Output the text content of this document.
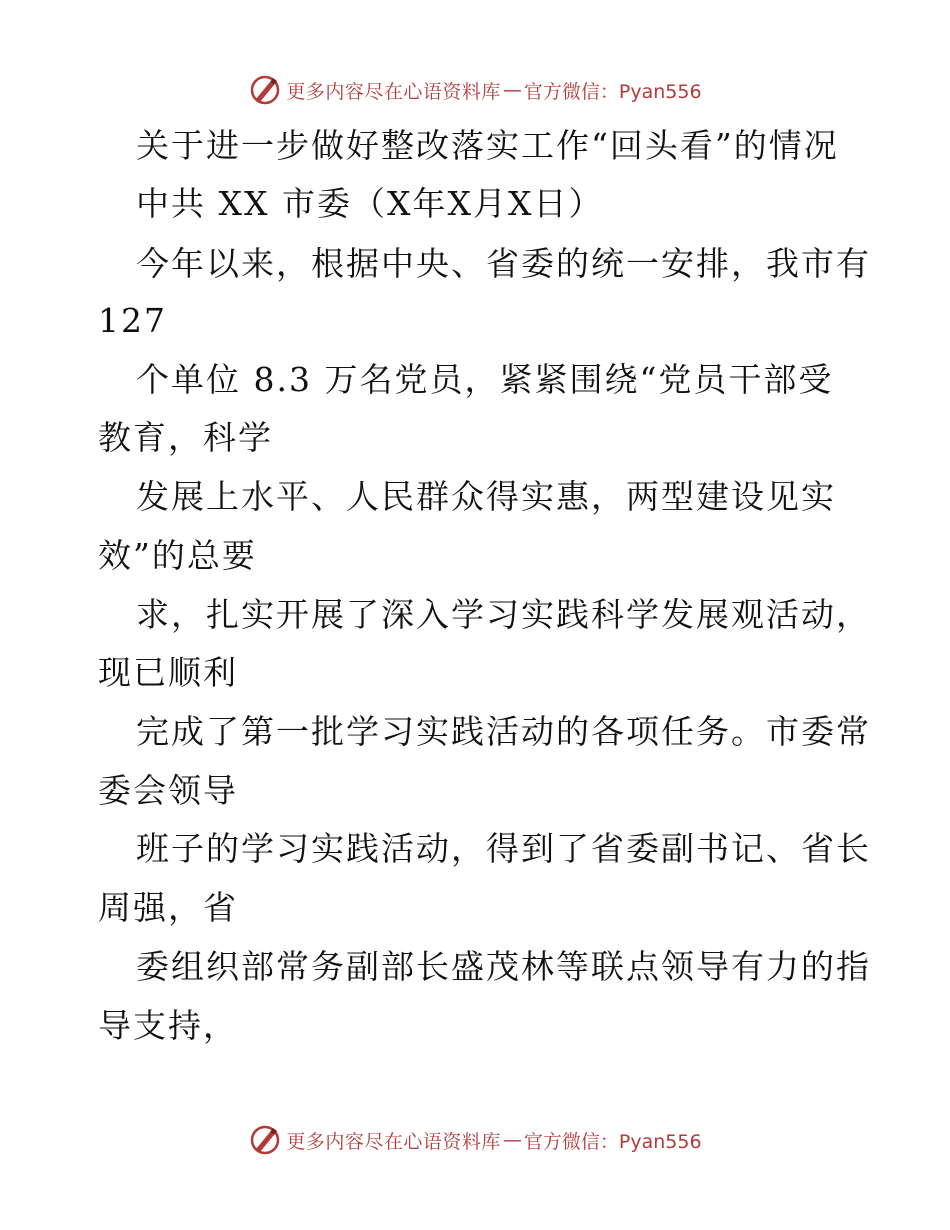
更多内容尽在心语资料库 — 官方微信：Pyan556
关于进一步做好整改落实工作“回头看”的情况
中共 XX 市委（X年X月X日）
今年以来，根据中央、省委的统一安排，我市有
127
个单位 8.3 万名党员，紧紧围绕“党员干部受
教育，科学
发展上水平、人民群众得实惠，两型建设见实
效”的总要
求，扎实开展了深入学习实践科学发展观活动，
现已顺利
完成了第一批学习实践活动的各项任务。市委常
委会领导
班子的学习实践活动，得到了省委副书记、省长
周强，省
委组织部常务副部长盛茂林等联点领导有力的指
导支持，
更多内容尽在心语资料库 — 官方微信：Pyan556
